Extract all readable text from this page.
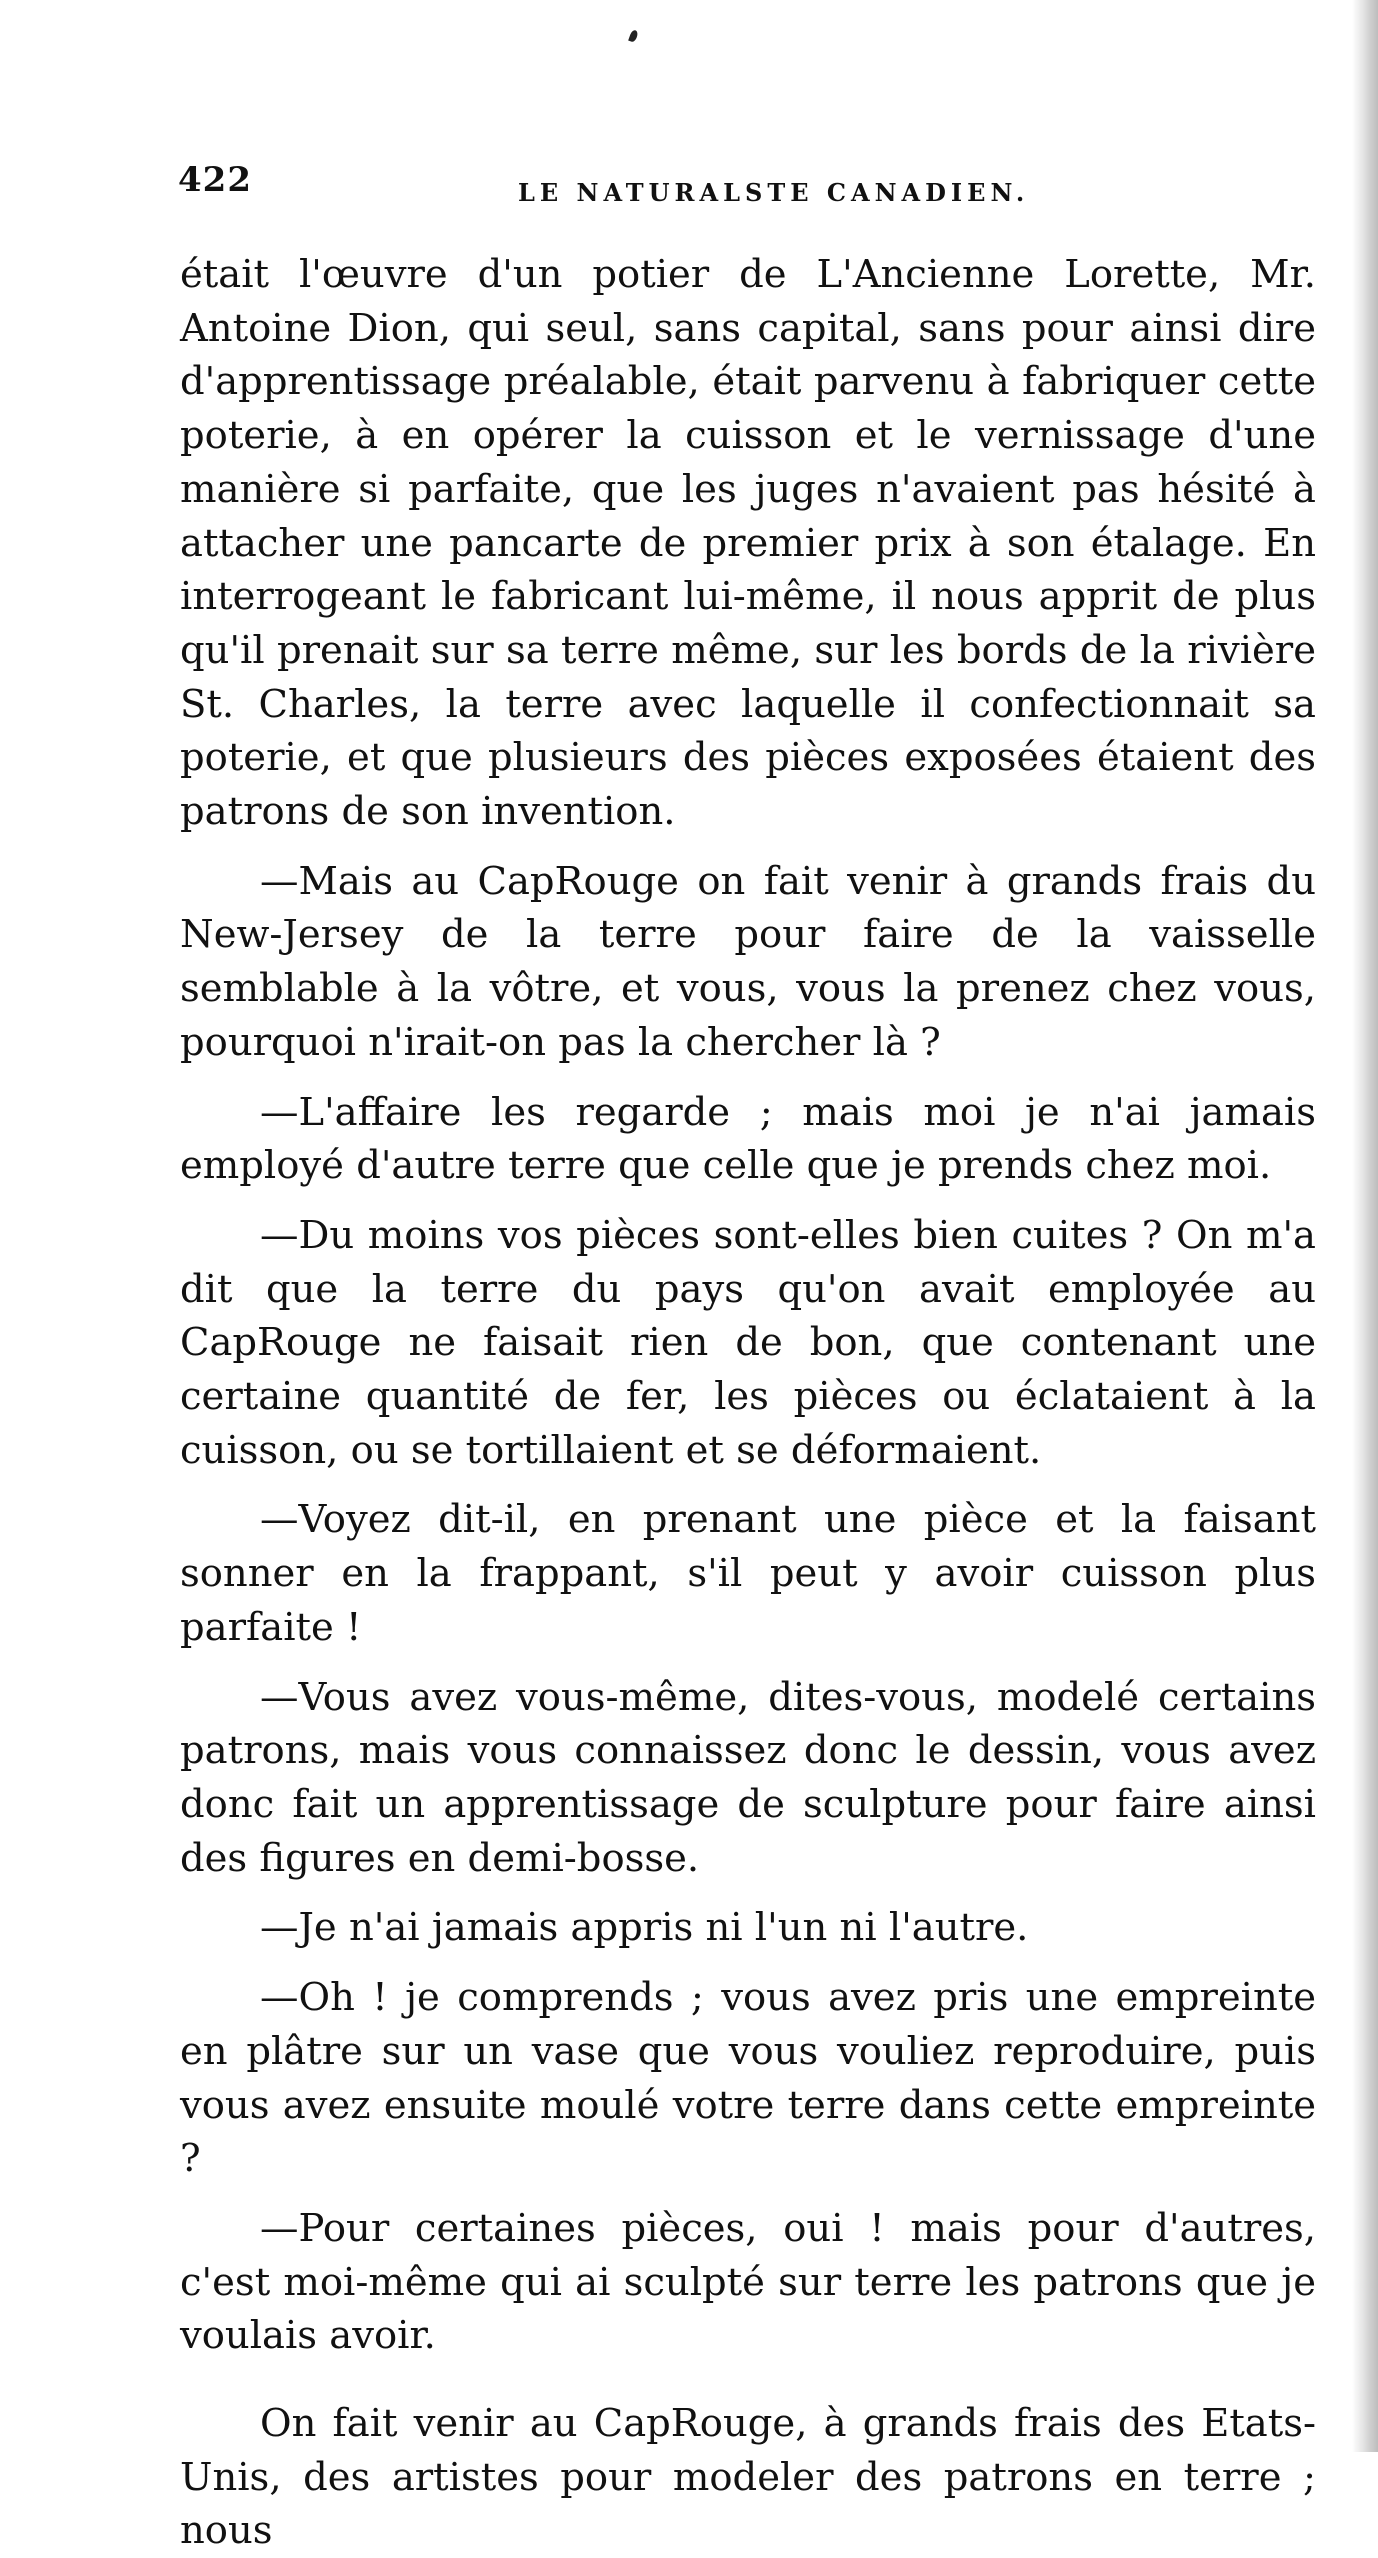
422	LE NATURALSTE CANADIEN.

était l'œuvre d'un potier de L'Ancienne Lorette, Mr. Antoine Dion, qui seul, sans capital, sans pour ainsi dire d'apprentissage préalable, était parvenu à fabriquer cette poterie, à en opérer la cuisson et le vernissage d'une manière si parfaite, que les juges n'avaient pas hésité à attacher une pancarte de premier prix à son étalage. En interrogeant le fabricant lui-même, il nous apprit de plus qu'il prenait sur sa terre même, sur les bords de la rivière St. Charles, la terre avec laquelle il confectionnait sa poterie, et que plusieurs des pièces exposées étaient des patrons de son invention.

—Mais au CapRouge on fait venir à grands frais du New-Jersey de la terre pour faire de la vaisselle semblable à la vôtre, et vous, vous la prenez chez vous, pourquoi n'irait-on pas la chercher là ?

—L'affaire les regarde ; mais moi je n'ai jamais employé d'autre terre que celle que je prends chez moi.

—Du moins vos pièces sont-elles bien cuites ? On m'a dit que la terre du pays qu'on avait employée au CapRouge ne faisait rien de bon, que contenant une certaine quantité de fer, les pièces ou éclataient à la cuisson, ou se tortillaient et se déformaient.

—Voyez dit-il, en prenant une pièce et la faisant sonner en la frappant, s'il peut y avoir cuisson plus parfaite !

—Vous avez vous-même, dites-vous, modelé certains patrons, mais vous connaissez donc le dessin, vous avez donc fait un apprentissage de sculpture pour faire ainsi des figures en demi-bosse.

—Je n'ai jamais appris ni l'un ni l'autre.

—Oh ! je comprends ; vous avez pris une empreinte en plâtre sur un vase que vous vouliez reproduire, puis vous avez ensuite moulé votre terre dans cette empreinte ?

—Pour certaines pièces, oui ! mais pour d'autres, c'est moi-même qui ai sculpté sur terre les patrons que je voulais avoir.

On fait venir au CapRouge, à grands frais des Etats-Unis, des artistes pour modeler des patrons en terre ; nous
